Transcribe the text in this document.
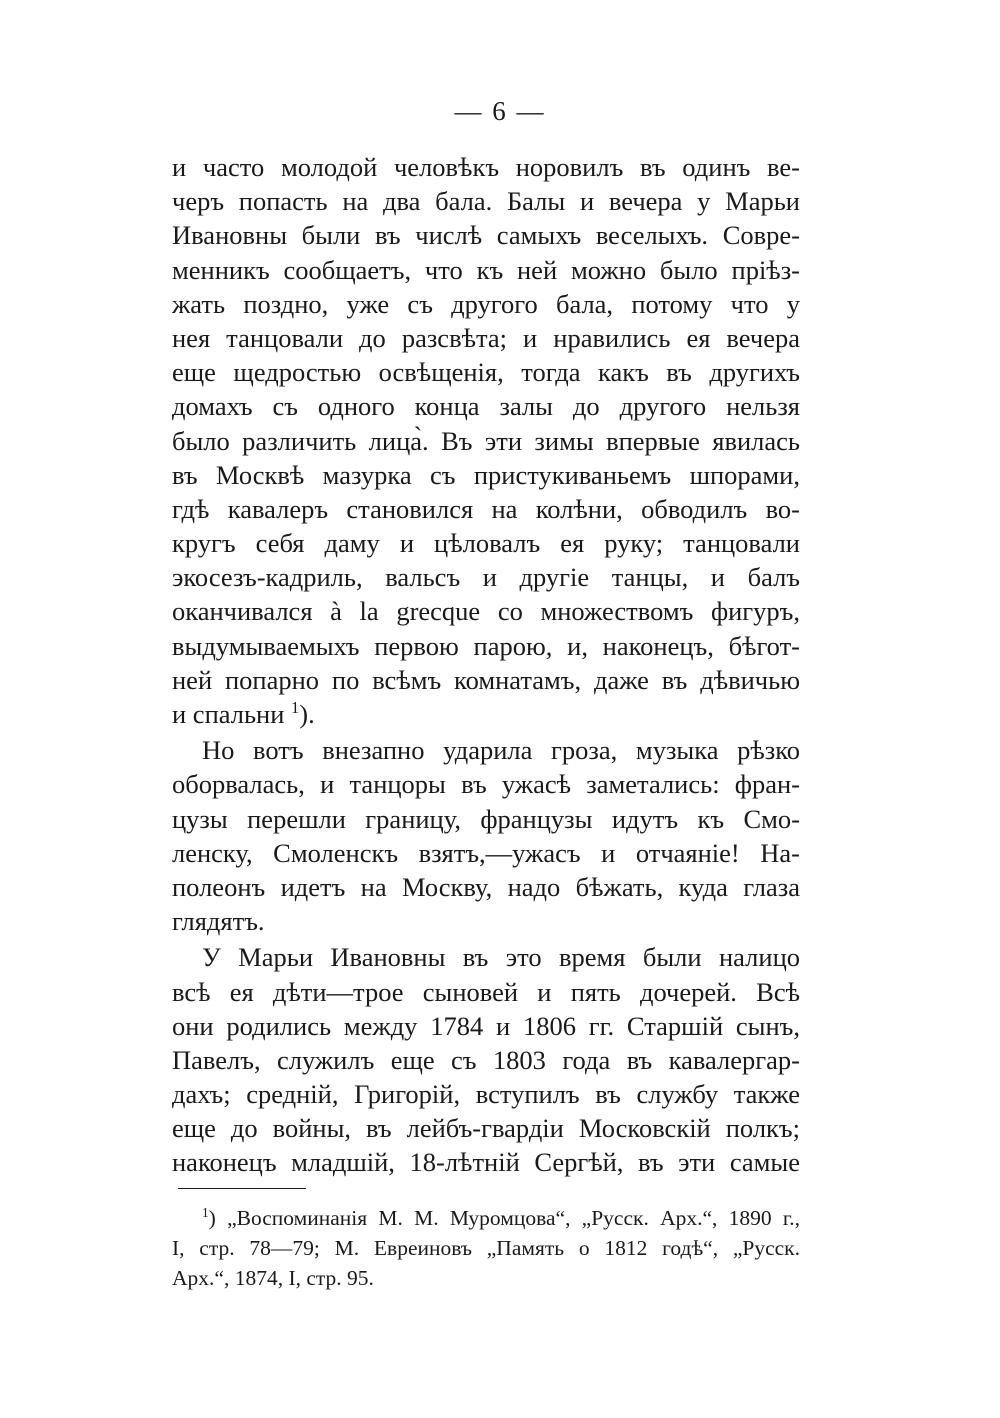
— 6 —
и часто молодой человѣкъ норовилъ въ одинъ ве-
черъ попасть на два бала. Балы и вечера у Марьи
Ивановны были въ числѣ самыхъ веселыхъ. Совре-
менникъ сообщаетъ, что къ ней можно было прiѣз-
жать поздно, уже съ другого бала, потому что у
нея танцовали до разсвѣта; и нравились ея вечера
еще щедростью освѣщенiя, тогда какъ въ другихъ
домахъ съ одного конца залы до другого нельзя
было различить лица̀. Въ эти зимы впервые явилась
въ Москвѣ мазурка съ пристукиваньемъ шпорами,
гдѣ кавалеръ становился на колѣни, обводилъ во-
кругъ себя даму и цѣловалъ ея руку; танцовали
экосезъ-кадриль, вальсъ и другiе танцы, и балъ
оканчивался à la grecque со множествомъ фигуръ,
выдумываемыхъ первою парою, и, наконецъ, бѣгот-
ней попарно по всѣмъ комнатамъ, даже въ дѣвичью
и спальни $^1$).
Но вотъ внезапно ударила гроза, музыка рѣзко
оборвалась, и танцоры въ ужасѣ заметались: фран-
цузы перешли границу, французы идутъ къ Смо-
ленску, Смоленскъ взятъ,—ужасъ и отчаянiе! На-
полеонъ идетъ на Москву, надо бѣжать, куда глаза
глядятъ.
У Марьи Ивановны въ это время были налицо
всѣ ея дѣти—трое сыновей и пять дочерей. Всѣ
они родились между 1784 и 1806 гг. Старшiй сынъ,
Павелъ, служилъ еще съ 1803 года въ кавалергар-
дахъ; среднiй, Григорiй, вступилъ въ службу также
еще до войны, въ лейбъ-гвардiи Московскiй полкъ;
наконецъ младшiй, 18-лѣтнiй Сергѣй, въ эти самые
$^1$) „Воспоминанiя М. М. Муромцова“, „Русск. Арх.“, 1890 г.,
I, стр. 78—79; М. Евреиновъ „Память о 1812 годѣ“, „Русск.
Арх.“, 1874, I, стр. 95.
